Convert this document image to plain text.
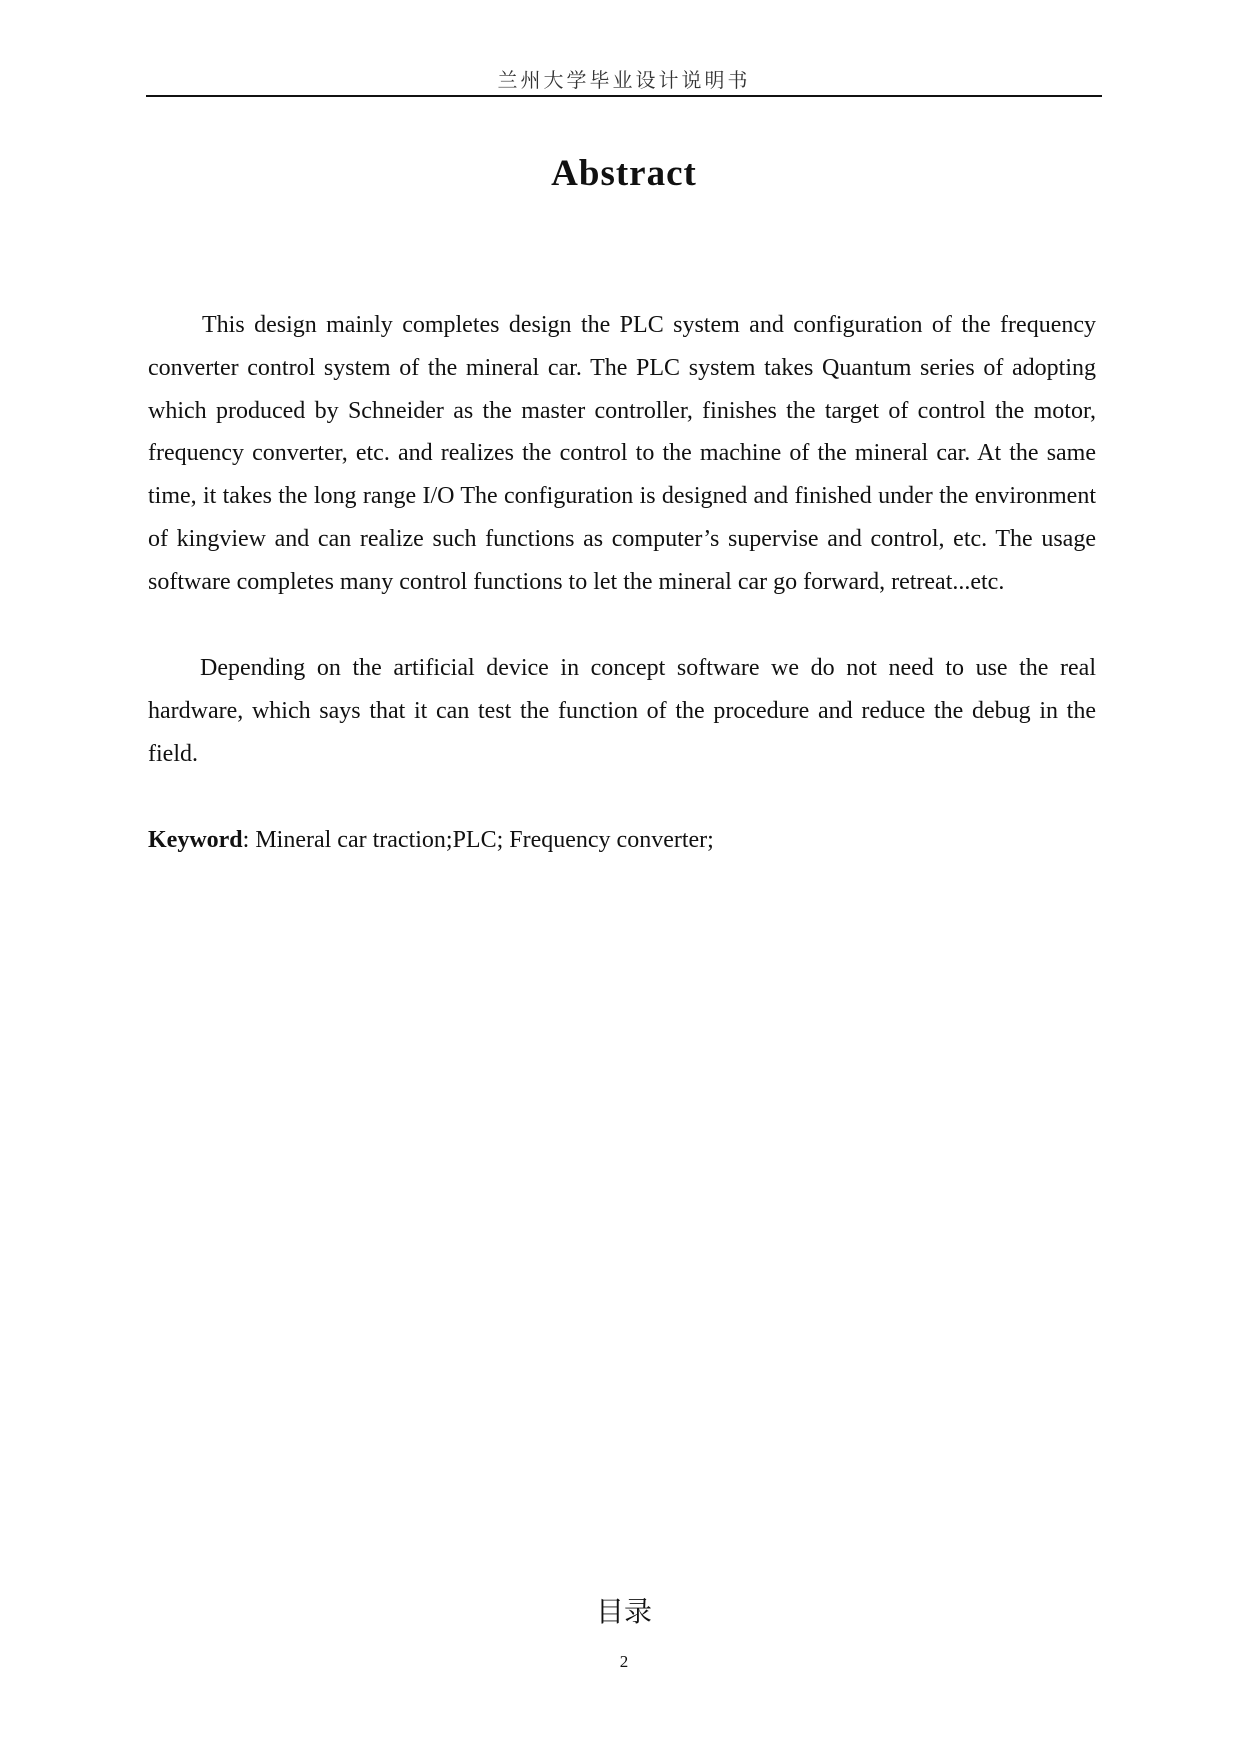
兰州大学毕业设计说明书
Abstract

This design mainly completes design the PLC system and configuration of the frequency converter control system of the mineral car. The PLC system takes Quantum series of adopting which produced by Schneider as the master controller, finishes the target of control the motor, frequency converter, etc. and realizes the control to the machine of the mineral car. At the same time, it takes the long range I/O The configuration is designed and finished under the environment of kingview and can realize such functions as computer’s supervise and control, etc. The usage software completes many control functions to let the mineral car go forward, retreat...etc.

Depending on the artificial device in concept software we do not need to use the real hardware, which says that it can test the function of the procedure and reduce the debug in the field.

Keyword: Mineral car traction;PLC; Frequency converter;

目录
2
